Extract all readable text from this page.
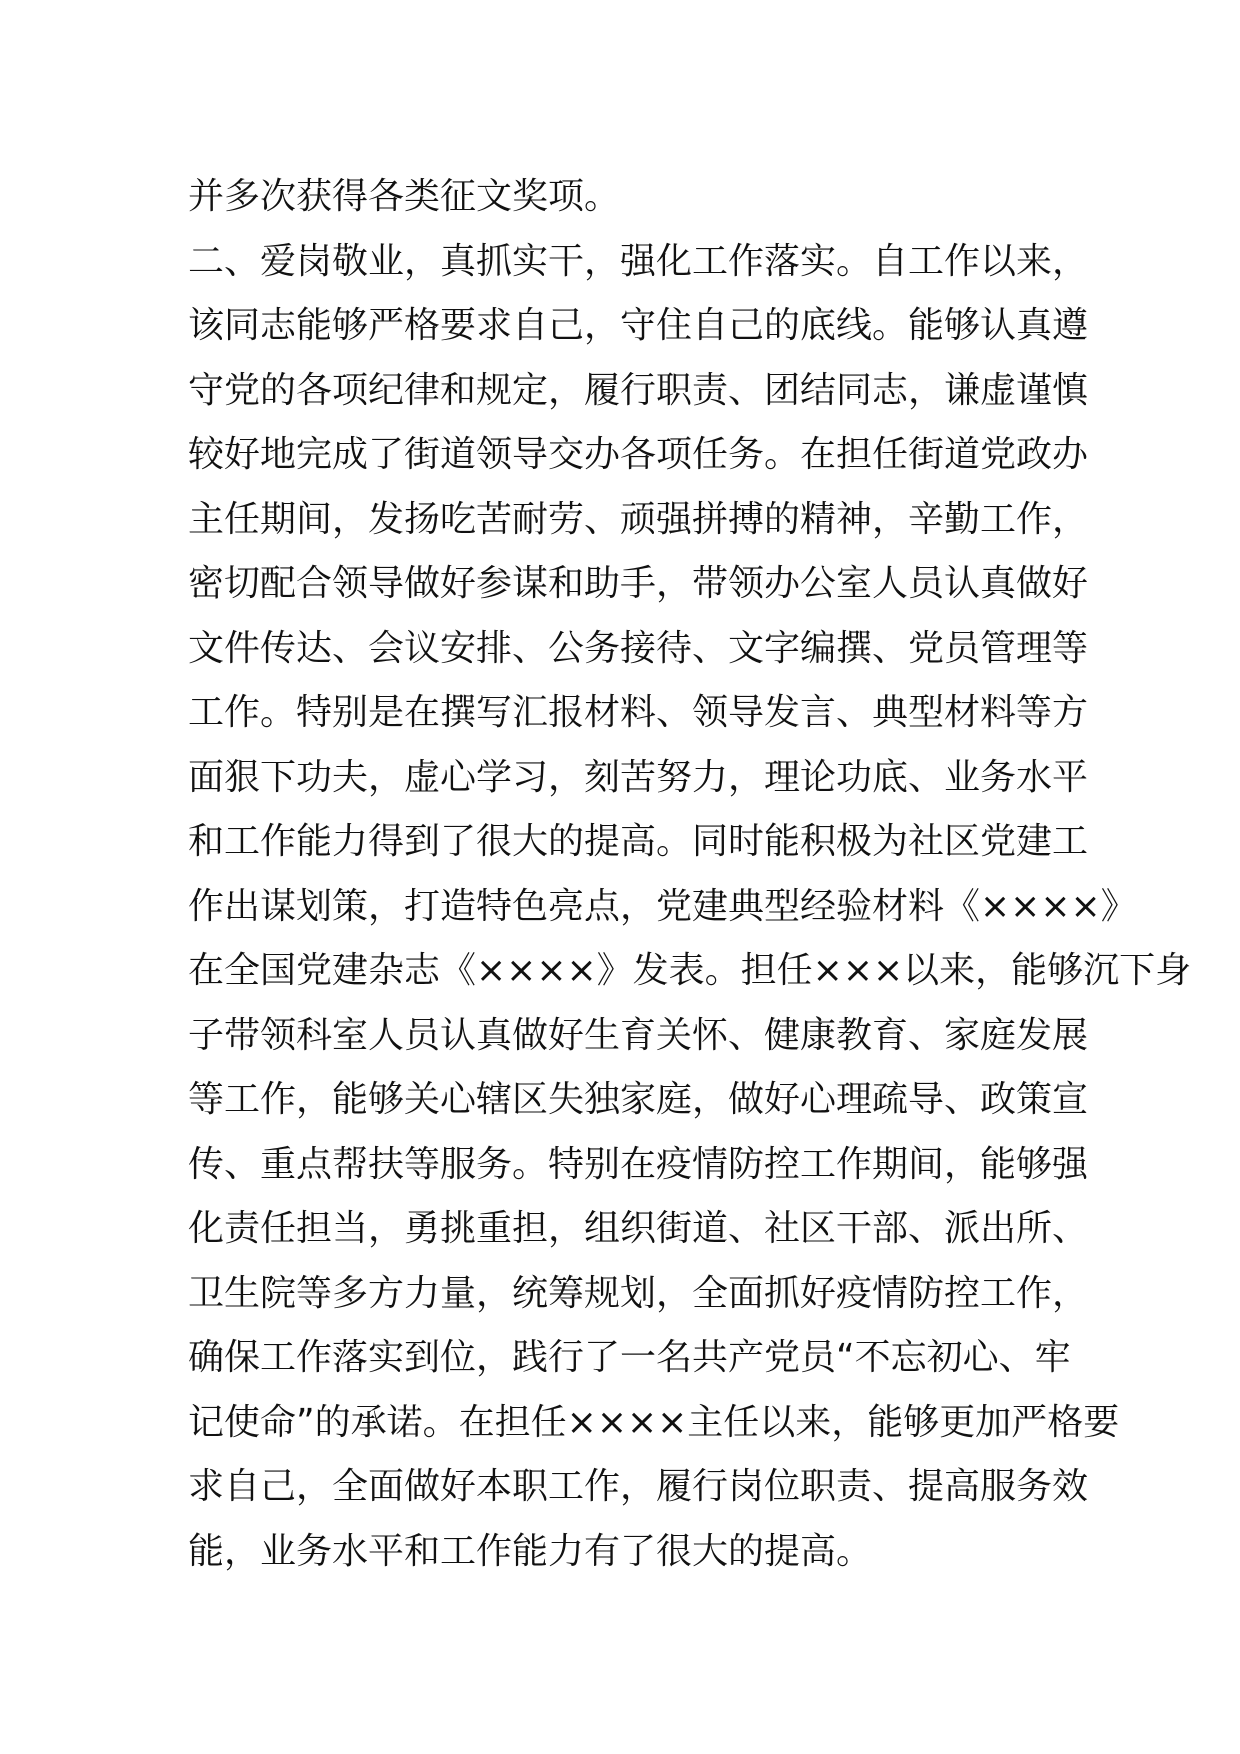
并多次获得各类征文奖项。
二、爱岗敬业，真抓实干，强化工作落实。自工作以来，
该同志能够严格要求自己，守住自己的底线。能够认真遵
守党的各项纪律和规定，履行职责、团结同志，谦虚谨慎
较好地完成了街道领导交办各项任务。在担任街道党政办
主任期间，发扬吃苦耐劳、顽强拼搏的精神，辛勤工作，
密切配合领导做好参谋和助手，带领办公室人员认真做好
文件传达、会议安排、公务接待、文字编撰、党员管理等
工作。特别是在撰写汇报材料、领导发言、典型材料等方
面狠下功夫，虚心学习，刻苦努力，理论功底、业务水平
和工作能力得到了很大的提高。同时能积极为社区党建工
作出谋划策，打造特色亮点，党建典型经验材料《××××》
在全国党建杂志《××××》发表。担任×××以来，能够沉下身
子带领科室人员认真做好生育关怀、健康教育、家庭发展
等工作，能够关心辖区失独家庭，做好心理疏导、政策宣
传、重点帮扶等服务。特别在疫情防控工作期间，能够强
化责任担当，勇挑重担，组织街道、社区干部、派出所、
卫生院等多方力量，统筹规划，全面抓好疫情防控工作，
确保工作落实到位，践行了一名共产党员“不忘初心、牢
记使命”的承诺。在担任××××主任以来，能够更加严格要
求自己，全面做好本职工作，履行岗位职责、提高服务效
能，业务水平和工作能力有了很大的提高。
